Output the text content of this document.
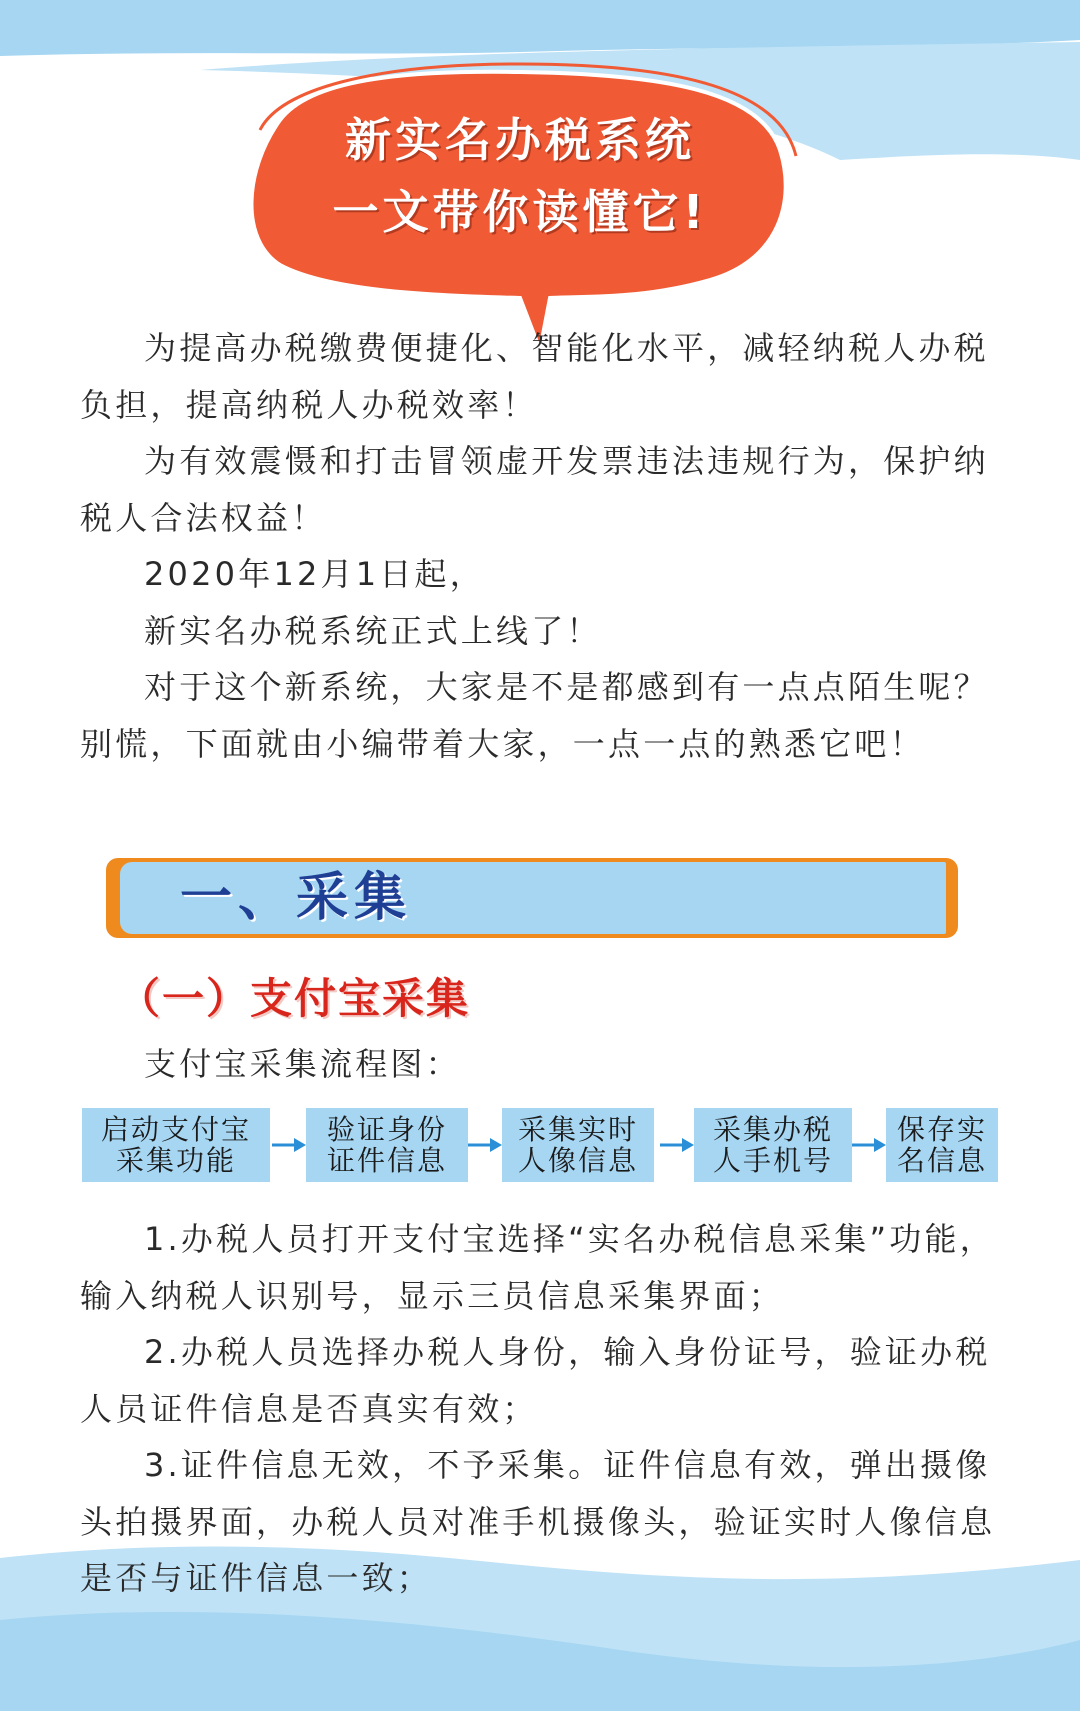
新实名办税系统
一文带你读懂它!

为提高办税缴费便捷化、智能化水平，减轻纳税人办税负担，提高纳税人办税效率！

为有效震慑和打击冒领虚开发票违法违规行为，保护纳税人合法权益！

2020年12月1日起，

新实名办税系统正式上线了！

对于这个新系统，大家是不是都感到有一点点陌生呢？别慌，下面就由小编带着大家，一点一点的熟悉它吧！

一、采集
（一）支付宝采集

支付宝采集流程图：

启动支付宝
采集功能
验证身份
证件信息
采集实时
人像信息
采集办税
人手机号
保存实
名信息

1.办税人员打开支付宝选择“实名办税信息采集”功能，输入纳税人识别号，显示三员信息采集界面；

2.办税人员选择办税人身份，输入身份证号，验证办税人员证件信息是否真实有效；

3.证件信息无效，不予采集。证件信息有效，弹出摄像头拍摄界面，办税人员对准手机摄像头，验证实时人像信息是否与证件信息一致；
